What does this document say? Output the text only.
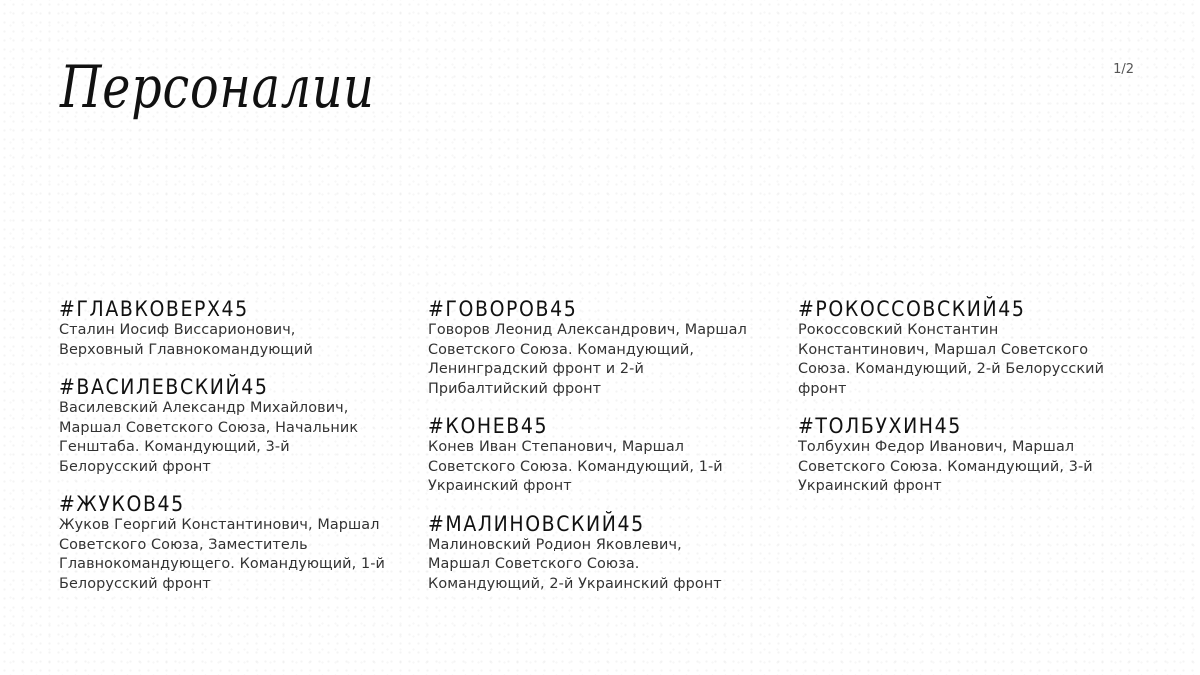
Персоналии	1/2
#ГЛАВКОВЕРХ45
Сталин Иосиф Виссарионович,
Верховный Главнокомандующий
#ВАСИЛЕВСКИЙ45
Василевский Александр Михайлович,
Маршал Советского Союза, Начальник
Генштаба. Командующий, 3-й
Белорусский фронт
#ЖУКОВ45
Жуков Георгий Константинович, Маршал
Советского Союза, Заместитель
Главнокомандующего. Командующий, 1-й
Белорусский фронт
#ГОВОРОВ45
Говоров Леонид Александрович, Маршал
Советского Союза. Командующий,
Ленинградский фронт и 2-й
Прибалтийский фронт
#КОНЕВ45
Конев Иван Степанович, Маршал
Советского Союза. Командующий, 1-й
Украинский фронт
#МАЛИНОВСКИЙ45
Малиновский Родион Яковлевич,
Маршал Советского Союза.
Командующий, 2-й Украинский фронт
#РОКОССОВСКИЙ45
Рокоссовский Константин
Константинович, Маршал Советского
Союза. Командующий, 2-й Белорусский
фронт
#ТОЛБУХИН45
Толбухин Федор Иванович, Маршал
Советского Союза. Командующий, 3-й
Украинский фронт
